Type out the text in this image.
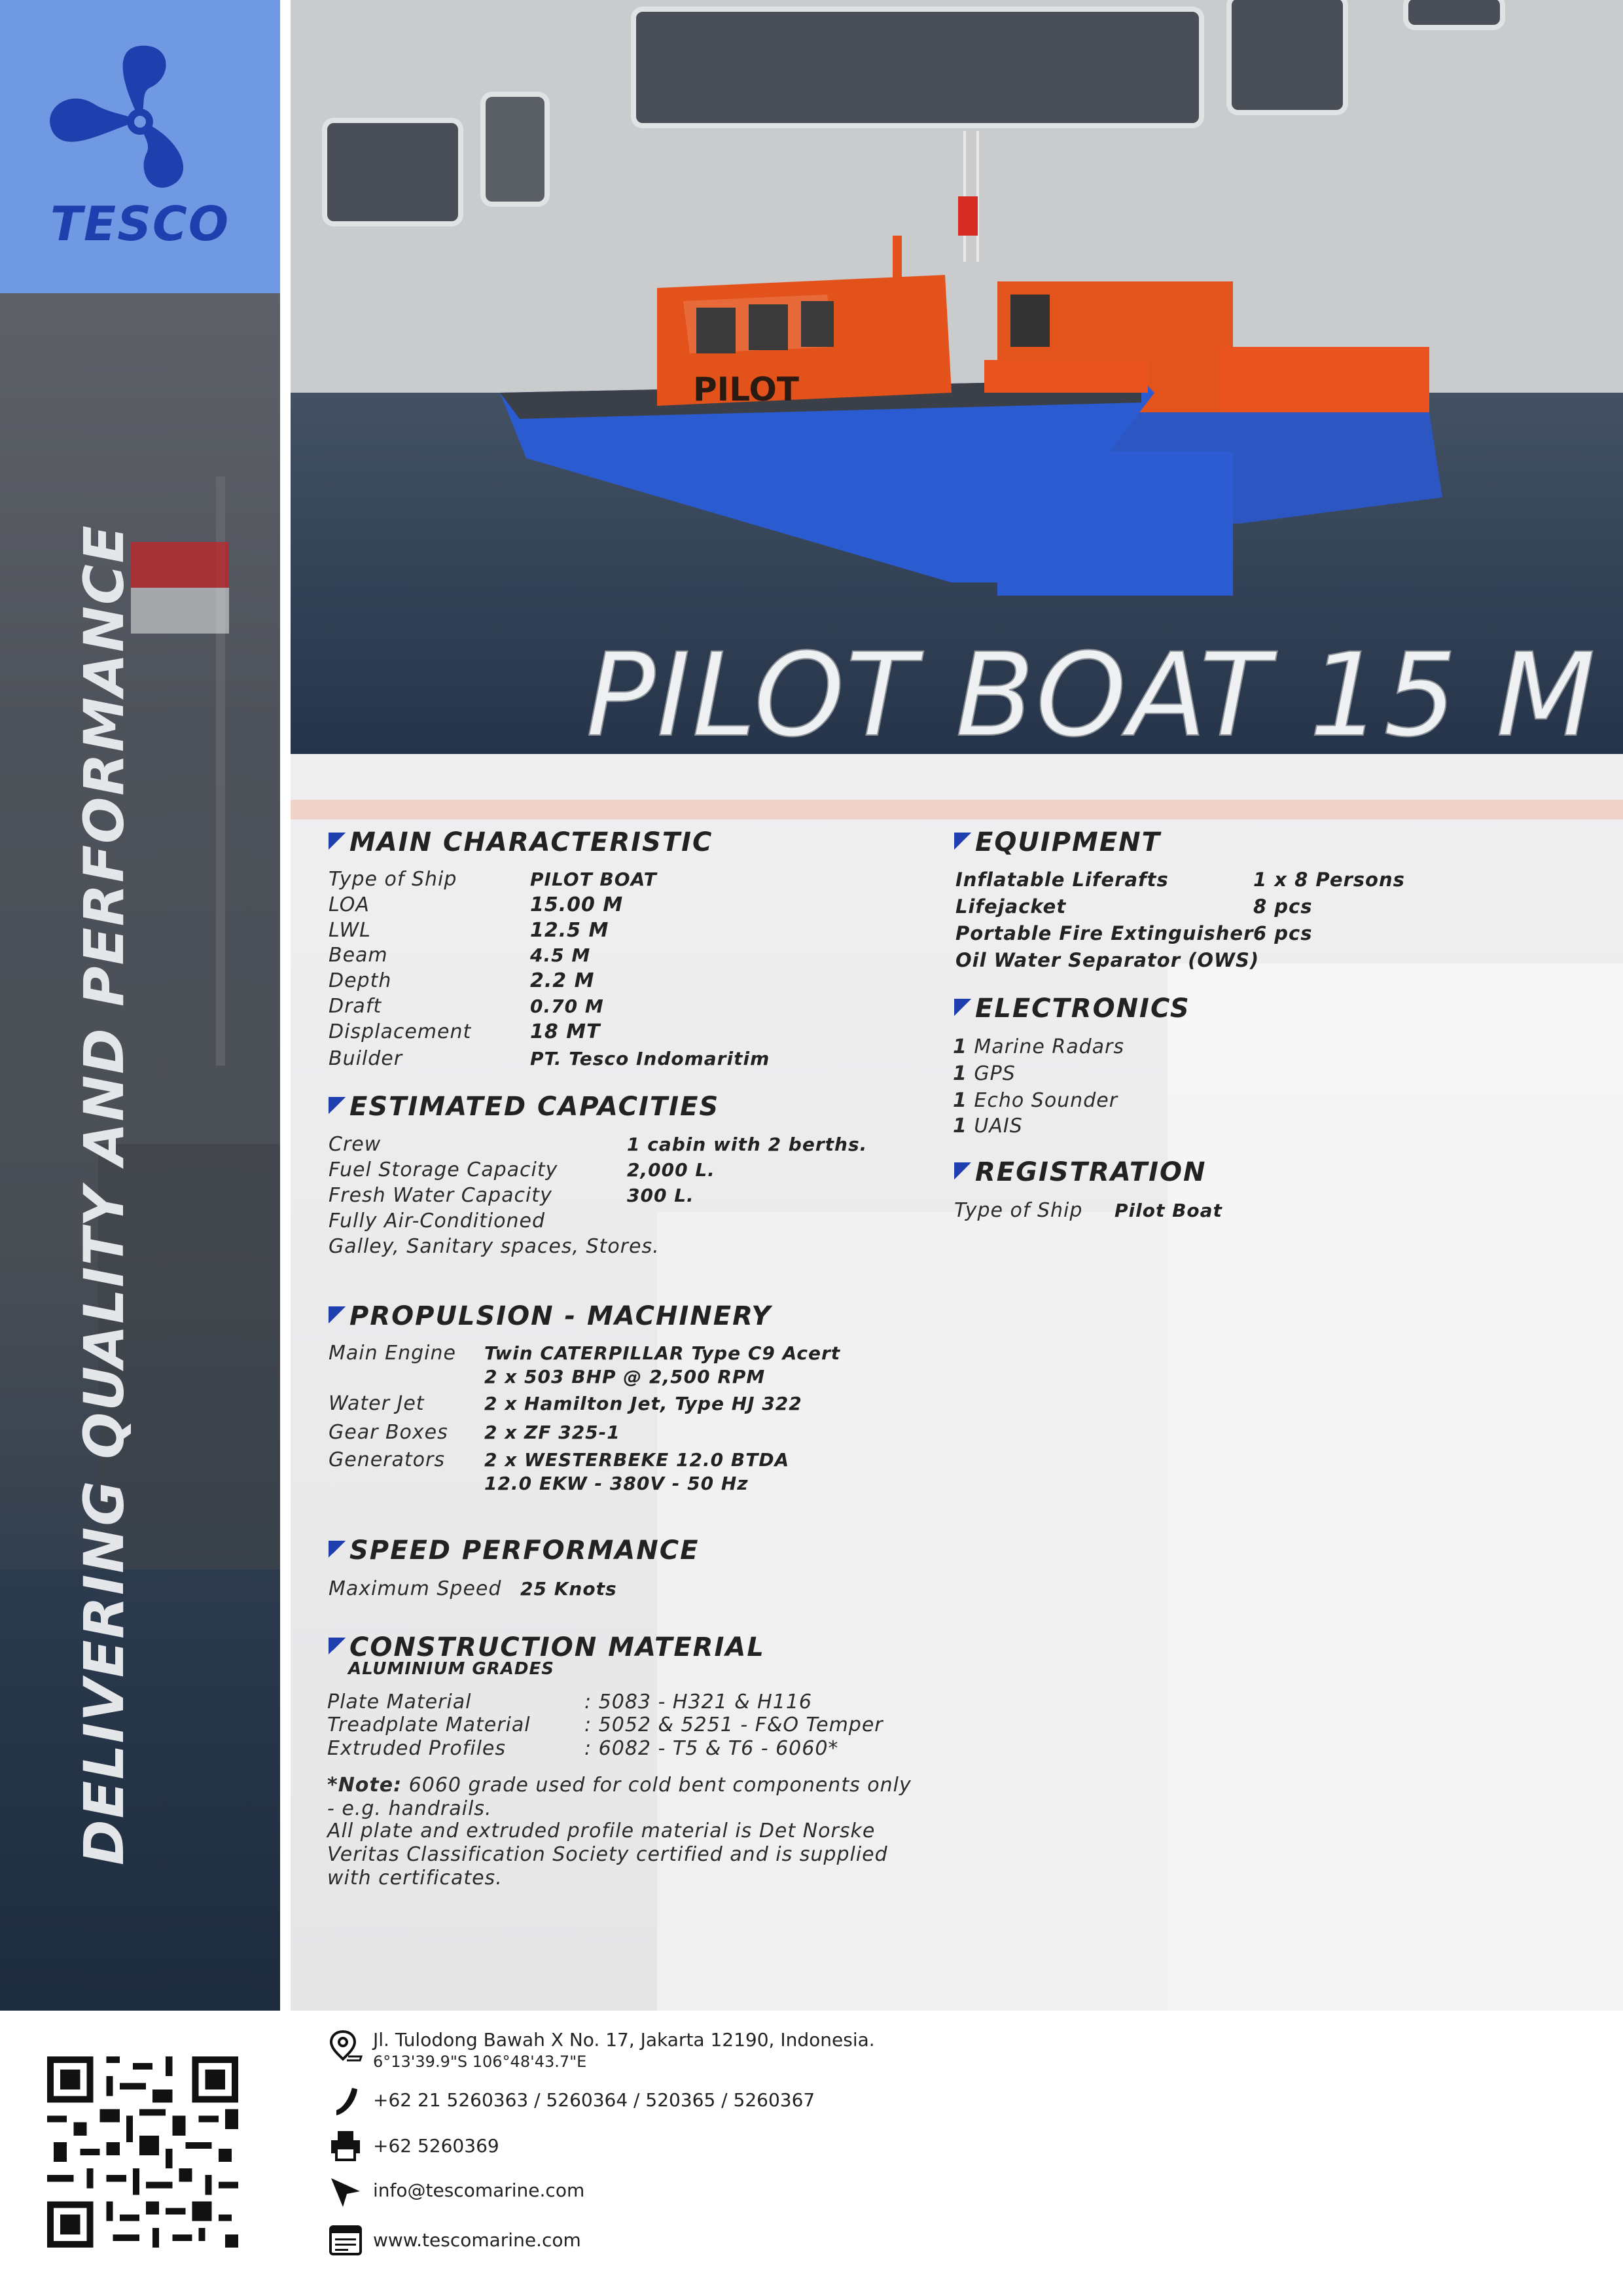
TESCO
DELIVERING QUALITY AND PERFORMANCE
PILOT
PILOT BOAT 15 M
MAIN CHARACTERISTIC
Type of Ship	PILOT BOAT
LOA	15.00 M
LWL	12.5 M
Beam	4.5 M
Depth	2.2 M
Draft	0.70 M
Displacement	18 MT
Builder	PT. Tesco Indomaritim
ESTIMATED CAPACITIES
Crew	1 cabin with 2 berths.
Fuel Storage Capacity	2,000 L.
Fresh Water Capacity	300 L.
Fully Air-Conditioned
Galley, Sanitary spaces, Stores.
PROPULSION - MACHINERY
Main Engine Twin CATERPILLAR Type C9 Acert
2 x 503 BHP @ 2,500 RPM
Water Jet	2 x Hamilton Jet, Type HJ 322
Gear Boxes 2 x ZF 325-1
Generators 2 x WESTERBEKE 12.0 BTDA
12.0 EKW - 380V - 50 Hz
SPEED PERFORMANCE
Maximum Speed 25 Knots
CONSTRUCTION MATERIAL
ALUMINIUM GRADES
Plate Material	: 5083 - H321 & H116
Treadplate Material	: 5052 & 5251 - F&O Temper
Extruded Profiles	: 6082 - T5 & T6 - 6060*
*Note: 6060 grade used for cold bent components only - e.g. handrails.
All plate and extruded profile material is Det Norske Veritas Classification Society certified and is supplied with certificates.
EQUIPMENT
Inflatable Liferafts	1 x 8 Persons
Lifejacket	8 pcs
Portable Fire Extinguisher 6 pcs
Oil Water Separator (OWS)
ELECTRONICS
1 Marine Radars
1 GPS
1 Echo Sounder
1 UAIS
REGISTRATION
Type of Ship Pilot Boat
Jl. Tulodong Bawah X No. 17, Jakarta 12190, Indonesia.
6°13'39.9"S 106°48'43.7"E
+62 21 5260363 / 5260364 / 520365 / 5260367
+62 5260369
info@tescomarine.com
www.tescomarine.com
